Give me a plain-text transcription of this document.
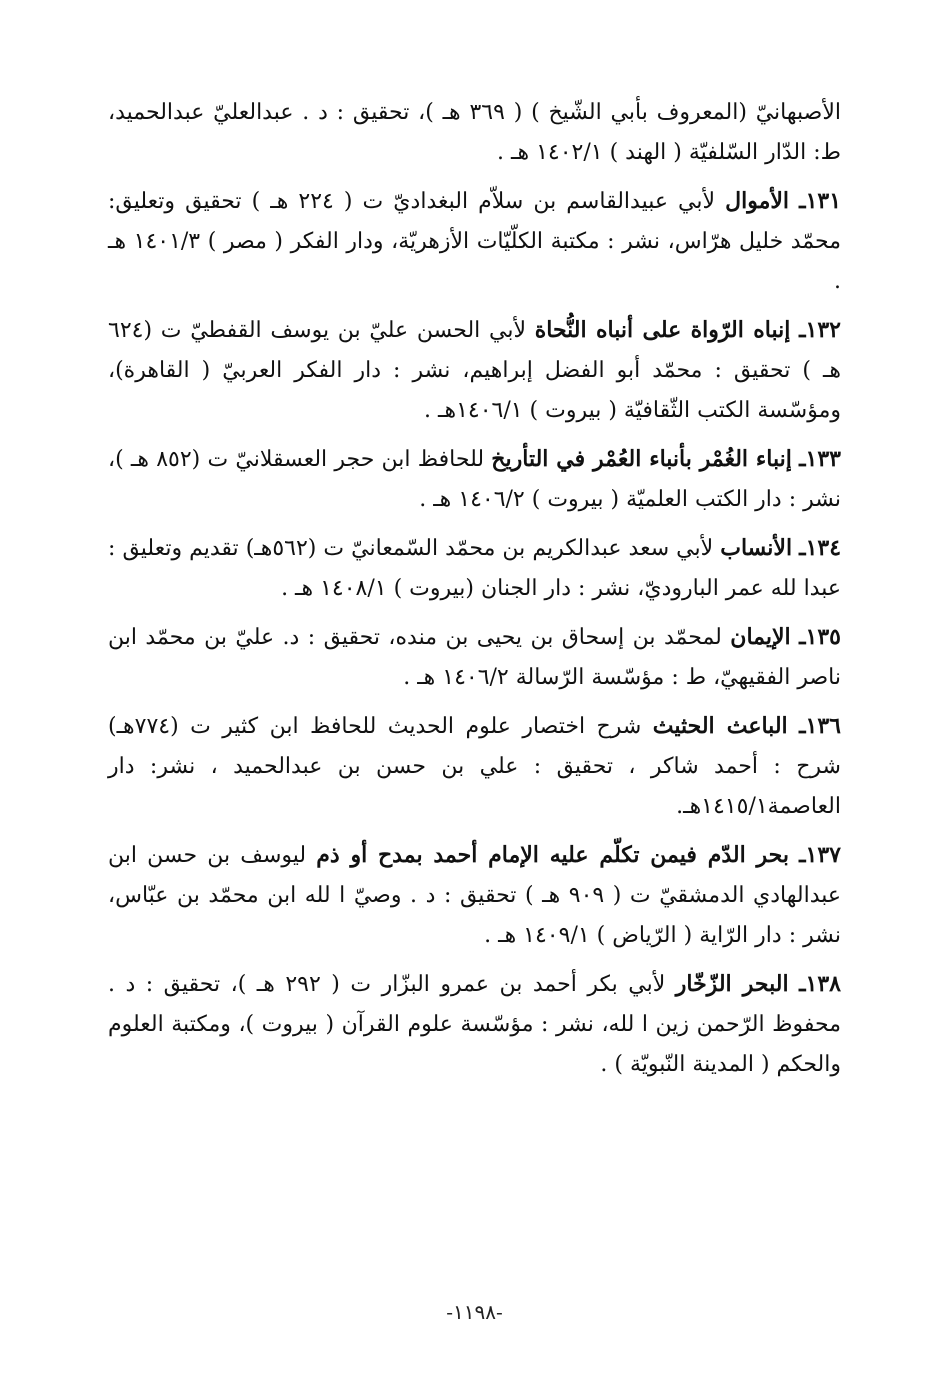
الأصبهانيّ (المعروف بأبي الشّيخ ) ( ٣٦٩ هـ )، تحقيق : د . عبدالعليّ عبدالحميد، ط: الدّار السّلفيّة ( الهند ) ١٤٠٢/١ هـ .

١٣١ـ الأموال لأبي عبيدالقاسم بن سلاّم البغداديّ ت ( ٢٢٤ هـ ) تحقيق وتعليق: محمّد خليل هرّاس، نشر : مكتبة الكلّيّات الأزهريّة، ودار الفكر ( مصر ) ١٤٠١/٣ هـ .

١٣٢ـ إنباه الرّواة على أنباه النُّحاة لأبي الحسن عليّ بن يوسف القفطيّ ت (٦٢٤ هـ ) تحقيق : محمّد أبو الفضل إبراهيم، نشر : دار الفكر العربيّ ( القاهرة)، ومؤسّسة الكتب الثّقافيّة ( بيروت ) ١٤٠٦/١هـ .

١٣٣ـ إنباء الغُمْر بأنباء العُمْر في التأريخ للحافظ ابن حجر العسقلانيّ ت (٨٥٢ هـ )، نشر : دار الكتب العلميّة ( بيروت ) ١٤٠٦/٢ هـ .

١٣٤ـ الأنساب لأبي سعد عبدالكريم بن محمّد السّمعانيّ ت (٥٦٢هـ) تقديم وتعليق : عبدا لله عمر الباروديّ، نشر : دار الجنان (بيروت ) ١٤٠٨/١ هـ .

١٣٥ـ الإيمان لمحمّد بن إسحاق بن يحيى بن منده، تحقيق : د. عليّ بن محمّد ابن ناصر الفقيهيّ، ط : مؤسّسة الرّسالة ١٤٠٦/٢ هـ .

١٣٦ـ الباعث الحثيث شرح اختصار علوم الحديث للحافظ ابن كثير ت (٧٧٤هـ) شرح : أحمد شاكر ، تحقيق : علي بن حسن بن عبدالحميد ، نشر: دار العاصمة١٤١٥/١هـ.

١٣٧ـ بحر الدّم فيمن تكلّم عليه الإمام أحمد بمدح أو ذم ليوسف بن حسن ابن عبدالهادي الدمشقيّ ت ( ٩٠٩ هـ ) تحقيق : د . وصيّ ا لله ابن محمّد بن عبّاس، نشر : دار الرّاية ( الرّياض ) ١٤٠٩/١ هـ .

١٣٨ـ البحر الزّخّار لأبي بكر أحمد بن عمرو البزّار ت ( ٢٩٢ هـ )، تحقيق : د . محفوظ الرّحمن زين ا لله، نشر : مؤسّسة علوم القرآن ( بيروت )، ومكتبة العلوم والحكم ( المدينة النّبويّة ) .

-١١٩٨-
